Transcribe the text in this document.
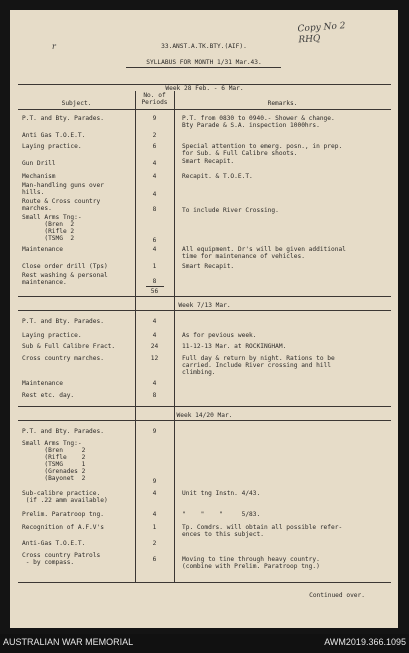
Copy No 2 RHQ
r	33.ANST.A.TK.BTY.(AIF).
SYLLABUS FOR MONTH 1/31 Mar.43.
Week 28 Feb. - 6 Mar.
Subject.
No. of
Periods	Remarks.
P.T. and Bty. Parades.	9	P.T. from 0830 to 0940.- Shower & change.
Bty Parade & S.A. inspection 1000hrs.
Anti Gas T.O.E.T.	2
Laying practice.	6	Special attention to emerg. posn., in prep.
for Sub. & Full Calibre shoots.
Gun Drill	4	Smart Recapit.
Mechanism	4	Recapit. & T.O.E.T.
Man-handling guns over
hills.	4
Route & Cross country
marches.	8	To include River Crossing.
Small Arms Tng:-
(Bren  2
(Rifle 2
(TSMG  2	6
Maintenance	4	All equipment. Dr's will be given additional
time for maintenance of vehicles.
Close order drill (Tps)	1	Smart Recapit.
Rest washing & personal
maintenance.	8
56
Week 7/13 Mar.
P.T. and Bty. Parades.	4
Laying practice.	4	As for pevious week.
Sub & Full Calibre Fract.	24	11-12-13 Mar. at ROCKINGHAM.
Cross country marches.	12	Full day & return by night. Rations to be
carried. Include River crossing and hill
climbing.
Maintenance	4
Rest etc. day.	8
Week 14/20 Mar.
P.T. and Bty. Parades.	9
Small Arms Tng:-
(Bren     2
(Rifle    2
(TSMG     1
(Grenades 2
(Bayonet  2	9
Sub-calibre practice.
(if .22 amm available)
4	Unit tng Instn. 4/43.
Prelim. Paratroop tng.	4	"    "    "     5/83.
Recognition of A.F.V's	1	Tp. Comdrs. will obtain all possible refer-
ences to this subject.
Anti-Gas T.O.E.T.	2
Cross country Patrols
- by compass.	6	Moving to tine through heavy country.
(combine with Prelim. Paratroop tng.)
Continued over.
AUSTRALIAN WAR MEMORIAL	AWM2019.366.1095
